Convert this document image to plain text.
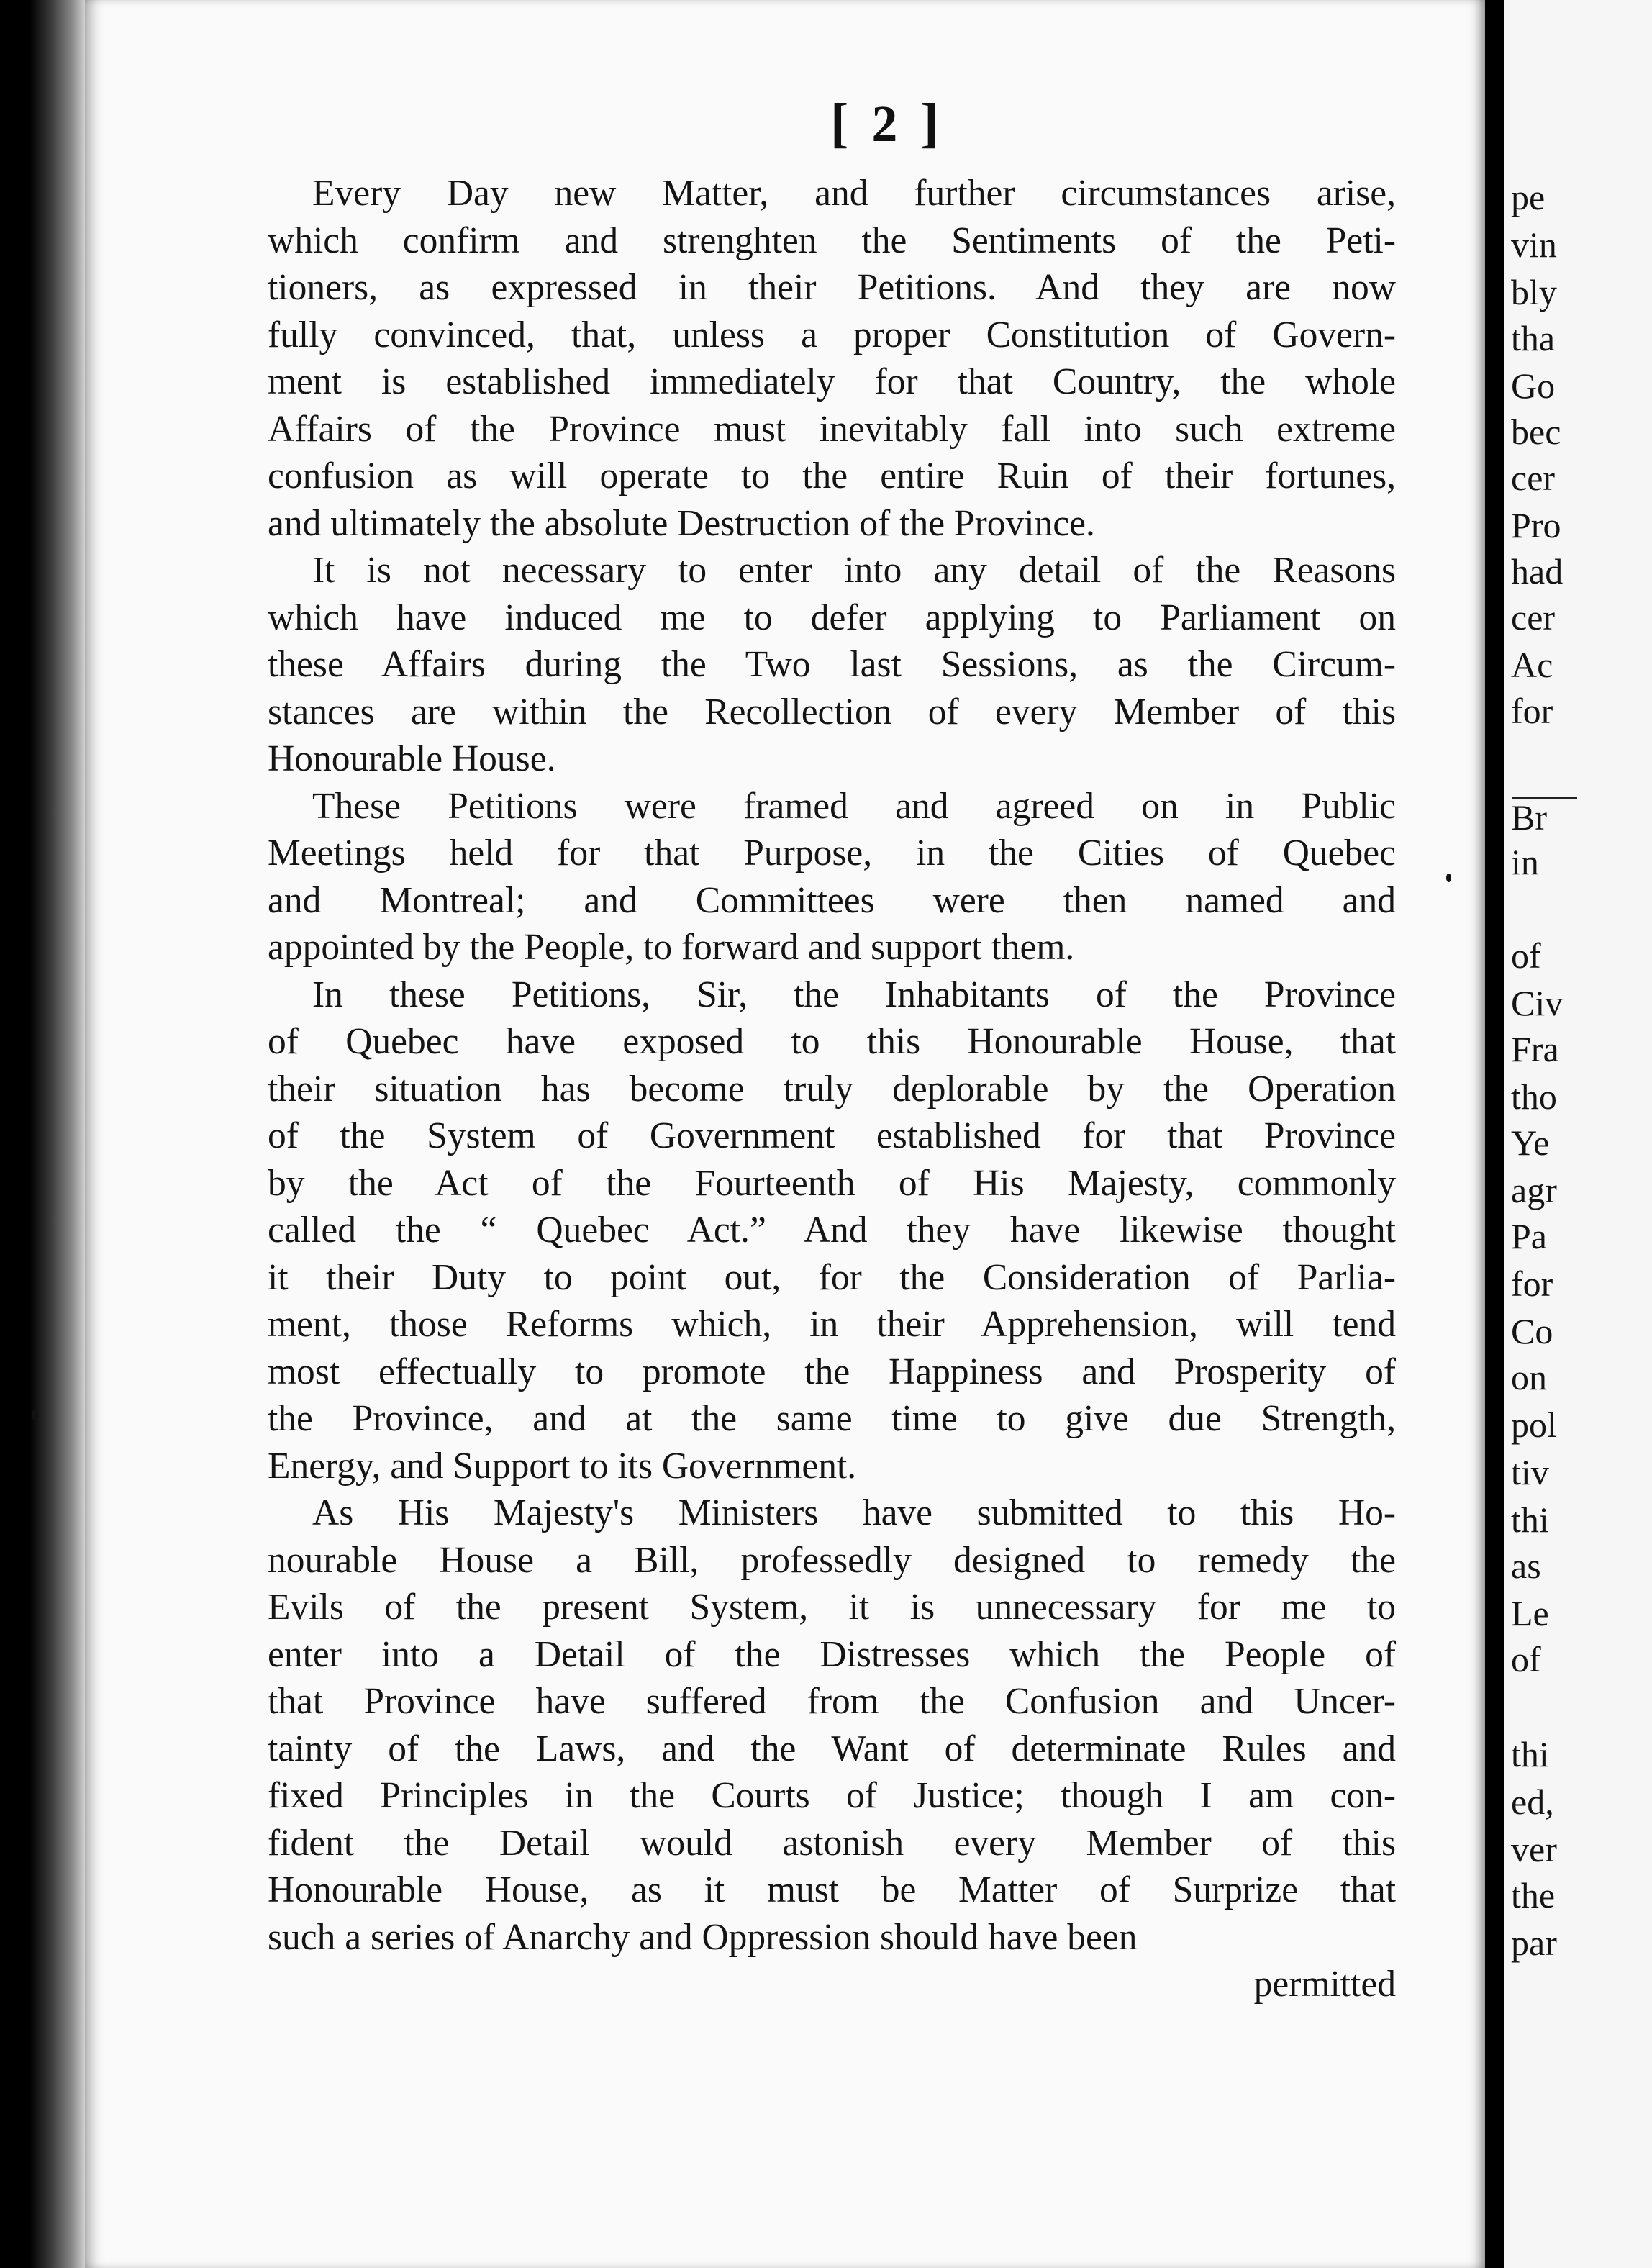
[ 2 ]
Every Day new Matter, and further circumstances arise,
which confirm and strenghten the Sentiments of the Peti-
tioners, as expressed in their Petitions. And they are now
fully convinced, that, unless a proper Constitution of Govern-
ment is established immediately for that Country, the whole
Affairs of the Province must inevitably fall into such extreme
confusion as will operate to the entire Ruin of their fortunes,
and ultimately the absolute Destruction of the Province.
It is not necessary to enter into any detail of the Reasons
which have induced me to defer applying to Parliament on
these Affairs during the Two last Sessions, as the Circum-
stances are within the Recollection of every Member of this
Honourable House.
These Petitions were framed and agreed on in Public
Meetings held for that Purpose, in the Cities of Quebec
and Montreal; and Committees were then named and
appointed by the People, to forward and support them.
In these Petitions, Sir, the Inhabitants of the Province
of Quebec have exposed to this Honourable House, that
their situation has become truly deplorable by the Operation
of the System of Government established for that Province
by the Act of the Fourteenth of His Majesty, commonly
called the “ Quebec Act.” And they have likewise thought
it their Duty to point out, for the Consideration of Parlia-
ment, those Reforms which, in their Apprehension, will tend
most effectually to promote the Happiness and Prosperity of
the Province, and at the same time to give due Strength,
Energy, and Support to its Government.
As His Majesty's Ministers have submitted to this Ho-
nourable House a Bill, professedly designed to remedy the
Evils of the present System, it is unnecessary for me to
enter into a Detail of the Distresses which the People of
that Province have suffered from the Confusion and Uncer-
tainty of the Laws, and the Want of determinate Rules and
fixed Principles in the Courts of Justice; though I am con-
fident the Detail would astonish every Member of this
Honourable House, as it must be Matter of Surprize that
such a series of Anarchy and Oppression should have been
permitted
pe
vin
bly
tha
Go
bec
cer
Pro
had
cer
Ac
for
Br
in
of
Civ
Fra
tho
Ye
agr
Pa
for
Co
on
pol
tiv
thi
as
Le
of
thi
ed,
ver
the
par
